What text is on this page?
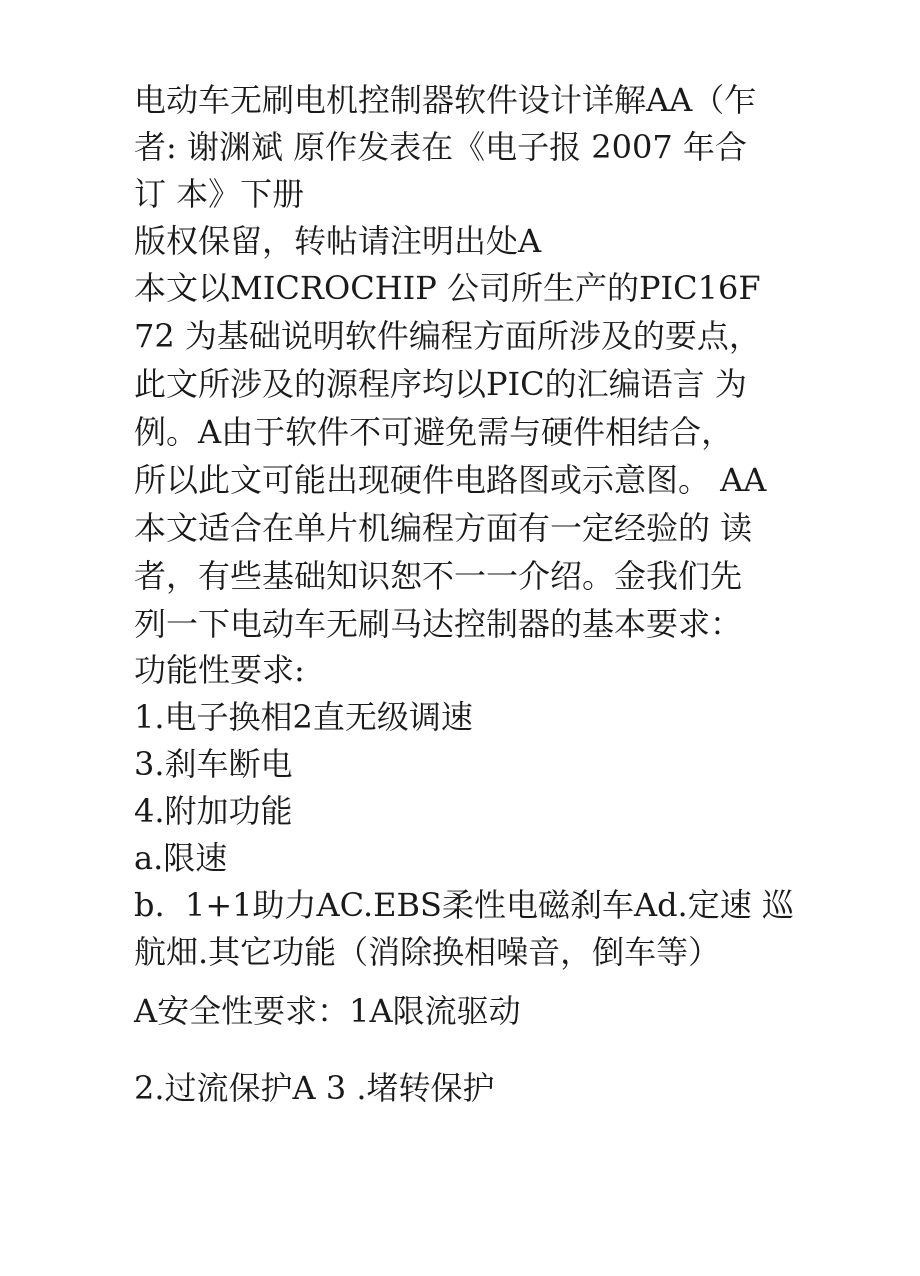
电动车无刷电机控制器软件设计详解AA（乍
者: 谢渊斌 原作发表在《电子报 2007 年合
订 本》下册
版权保留，转帖请注明出处A
本文以MICROCHIP 公司所生产的PIC16F
72 为基础说明软件编程方面所涉及的要点，
此文所涉及的源程序均以PIC的汇编语言 为
例。A由于软件不可避免需与硬件相结合，
所以此文可能出现硬件电路图或示意图。 AA
本文适合在单片机编程方面有一定经验的 读
者，有些基础知识恕不一一介绍。金我们先
列一下电动车无刷马达控制器的基本要求：
功能性要求:
1.电子换相2直无级调速
3.刹车断电
4.附加功能
a.限速
b.  1+1助力AC.EBS柔性电磁刹车Ad.定速 巡
航畑.其它功能（消除换相噪音，倒车等）
A安全性要求：1A限流驱动
2.过流保护A 3 .堵转保护
